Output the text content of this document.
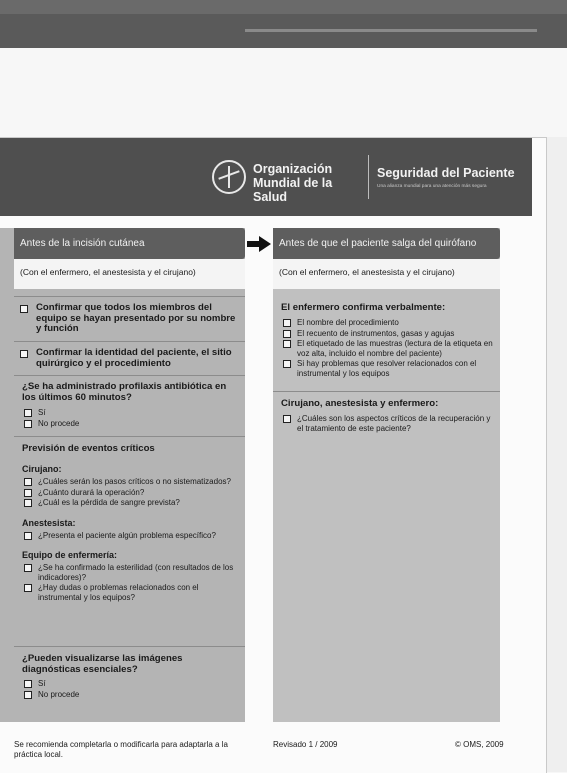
Organización Mundial de la Salud
Seguridad del Paciente
Una alianza mundial para una atención más segura
Antes de la incisión cutánea
(Con el enfermero, el anestesista y el cirujano)
Confirmar que todos los miembros del equipo se hayan presentado por su nombre y función
Confirmar la identidad del paciente, el sitio quirúrgico y el procedimiento
¿Se ha administrado profilaxis antibiótica en los últimos 60 minutos?
Sí
No procede
Previsión de eventos críticos
Cirujano:
¿Cuáles serán los pasos críticos o no sistematizados?
¿Cuánto durará la operación?
¿Cuál es la pérdida de sangre prevista?
Anestesista:
¿Presenta el paciente algún problema específico?
Equipo de enfermería:
¿Se ha confirmado la esterilidad (con resultados de los indicadores)?
¿Hay dudas o problemas relacionados con el instrumental y los equipos?
¿Pueden visualizarse las imágenes diagnósticas esenciales?
Sí
No procede
Antes de que el paciente salga del quirófano
(Con el enfermero, el anestesista y el cirujano)
El enfermero confirma verbalmente:
El nombre del procedimiento
El recuento de instrumentos, gasas y agujas
El etiquetado de las muestras (lectura de la etiqueta en voz alta, incluido el nombre del paciente)
Si hay problemas que resolver relacionados con el instrumental y los equipos
Cirujano, anestesista y enfermero:
¿Cuáles son los aspectos críticos de la recuperación y el tratamiento de este paciente?
Se recomienda completarla o modificarla para adaptarla a la práctica local.
Revisado 1 / 2009	© OMS, 2009
